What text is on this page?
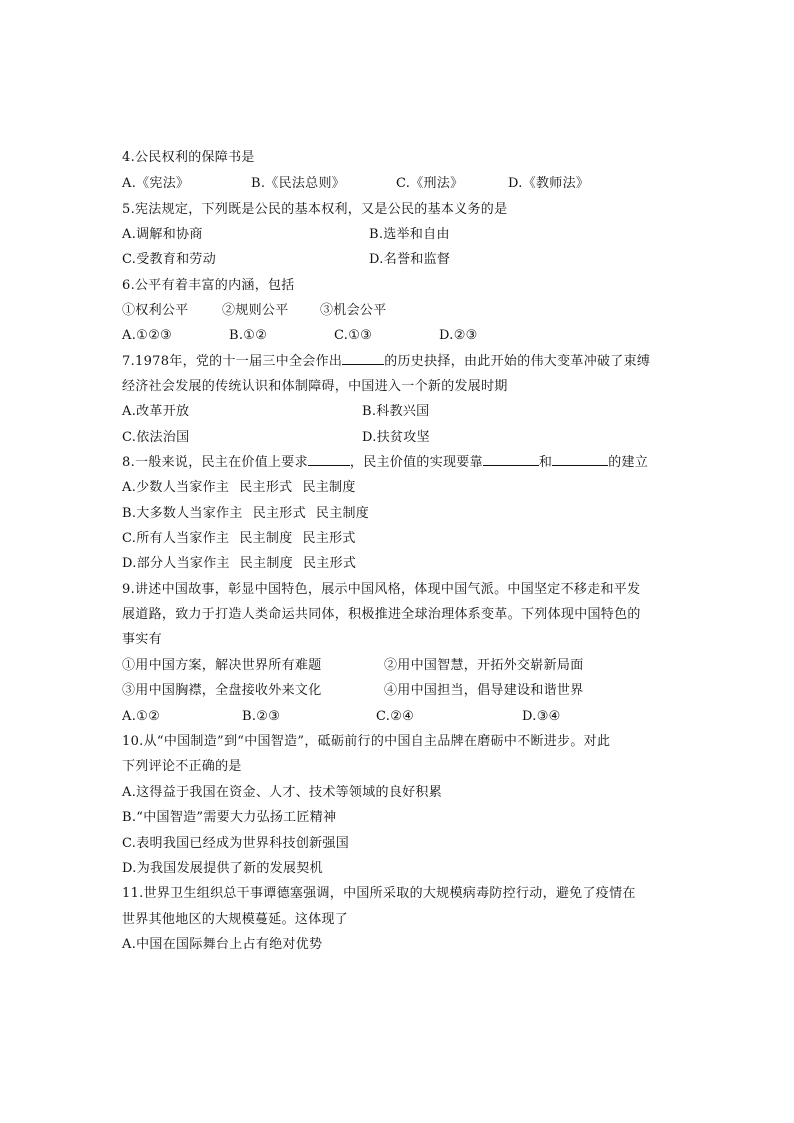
4.公民权利的保障书是
A.《宪法》	B.《民法总则》	C.《刑法》	D.《教师法》
5.宪法规定，下列既是公民的基本权利，又是公民的基本义务的是
A.调解和协商	B.选举和自由
C.受教育和劳动	D.名誉和监督
6.公平有着丰富的内涵，包括
①权利公平	②规则公平 ③机会公平
A.①②③	B.①②	C.①③	D.②③
7.1978年，党的十一届三中全会作出	的历史抉择，由此开始的伟大变革冲破了束缚
经济社会发展的传统认识和体制障碍，中国进入一个新的发展时期
A.改革开放	B.科教兴国
C.依法治国	D.扶贫攻坚
8.一般来说，民主在价值上要求	，民主价值的实现要靠	和	的建立
A.少数人当家作主 民主形式 民主制度
B.大多数人当家作主 民主形式 民主制度
C.所有人当家作主 民主制度 民主形式
D.部分人当家作主 民主制度 民主形式
9.讲述中国故事，彰显中国特色，展示中国风格，体现中国气派。中国坚定不移走和平发
展道路，致力于打造人类命运共同体，积极推进全球治理体系变革。下列体现中国特色的
事实有
①用中国方案，解决世界所有难题	②用中国智慧，开拓外交崭新局面
③用中国胸襟，全盘接收外来文化	④用中国担当，倡导建设和谐世界
A.①②	B.②③	C.②④	D.③④
10.从“中国制造”到“中国智造”，砥砺前行的中国自主品牌在磨砺中不断进步。对此
下列评论不正确的是
A.这得益于我国在资金、人才、技术等领域的良好积累
B.“中国智造”需要大力弘扬工匠精神
C.表明我国已经成为世界科技创新强国
D.为我国发展提供了新的发展契机
11.世界卫生组织总干事谭德塞强调，中国所采取的大规模病毒防控行动，避免了疫情在
世界其他地区的大规模蔓延。这体现了
A.中国在国际舞台上占有绝对优势
